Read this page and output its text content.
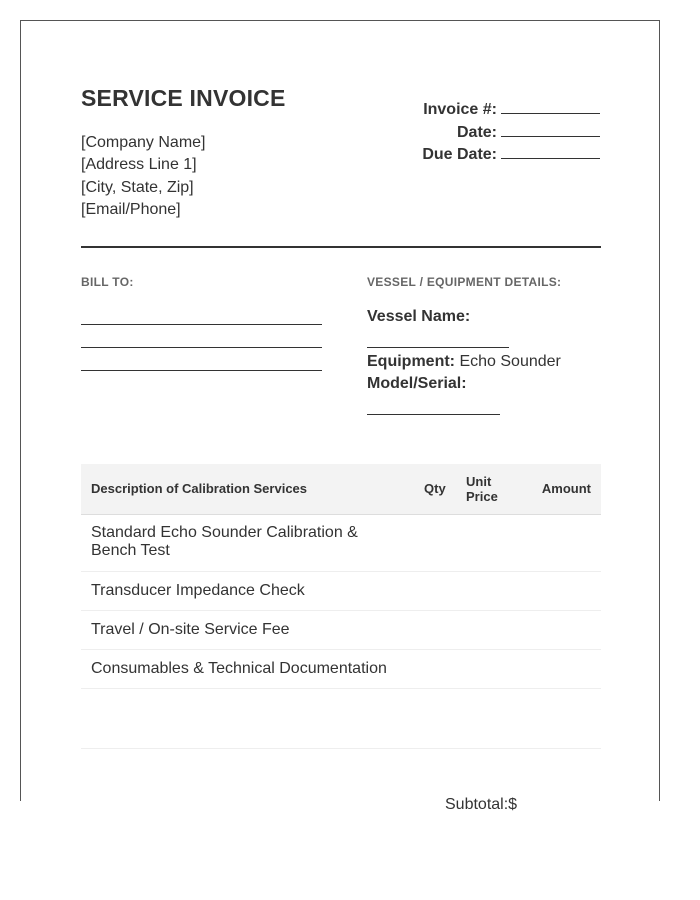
SERVICE INVOICE
[Company Name]
[Address Line 1]
[City, State, Zip]
[Email/Phone]
Invoice #:
Date:
Due Date:
BILL TO:	VESSEL / EQUIPMENT DETAILS:
Vessel Name:
Equipment: Echo Sounder
Model/Serial:
Description of Calibration Services	Qty Unit
Price
Amount
Standard Echo Sounder Calibration &
Bench Test
Transducer Impedance Check
Travel / On-site Service Fee
Consumables & Technical Documentation
Subtotal:$
